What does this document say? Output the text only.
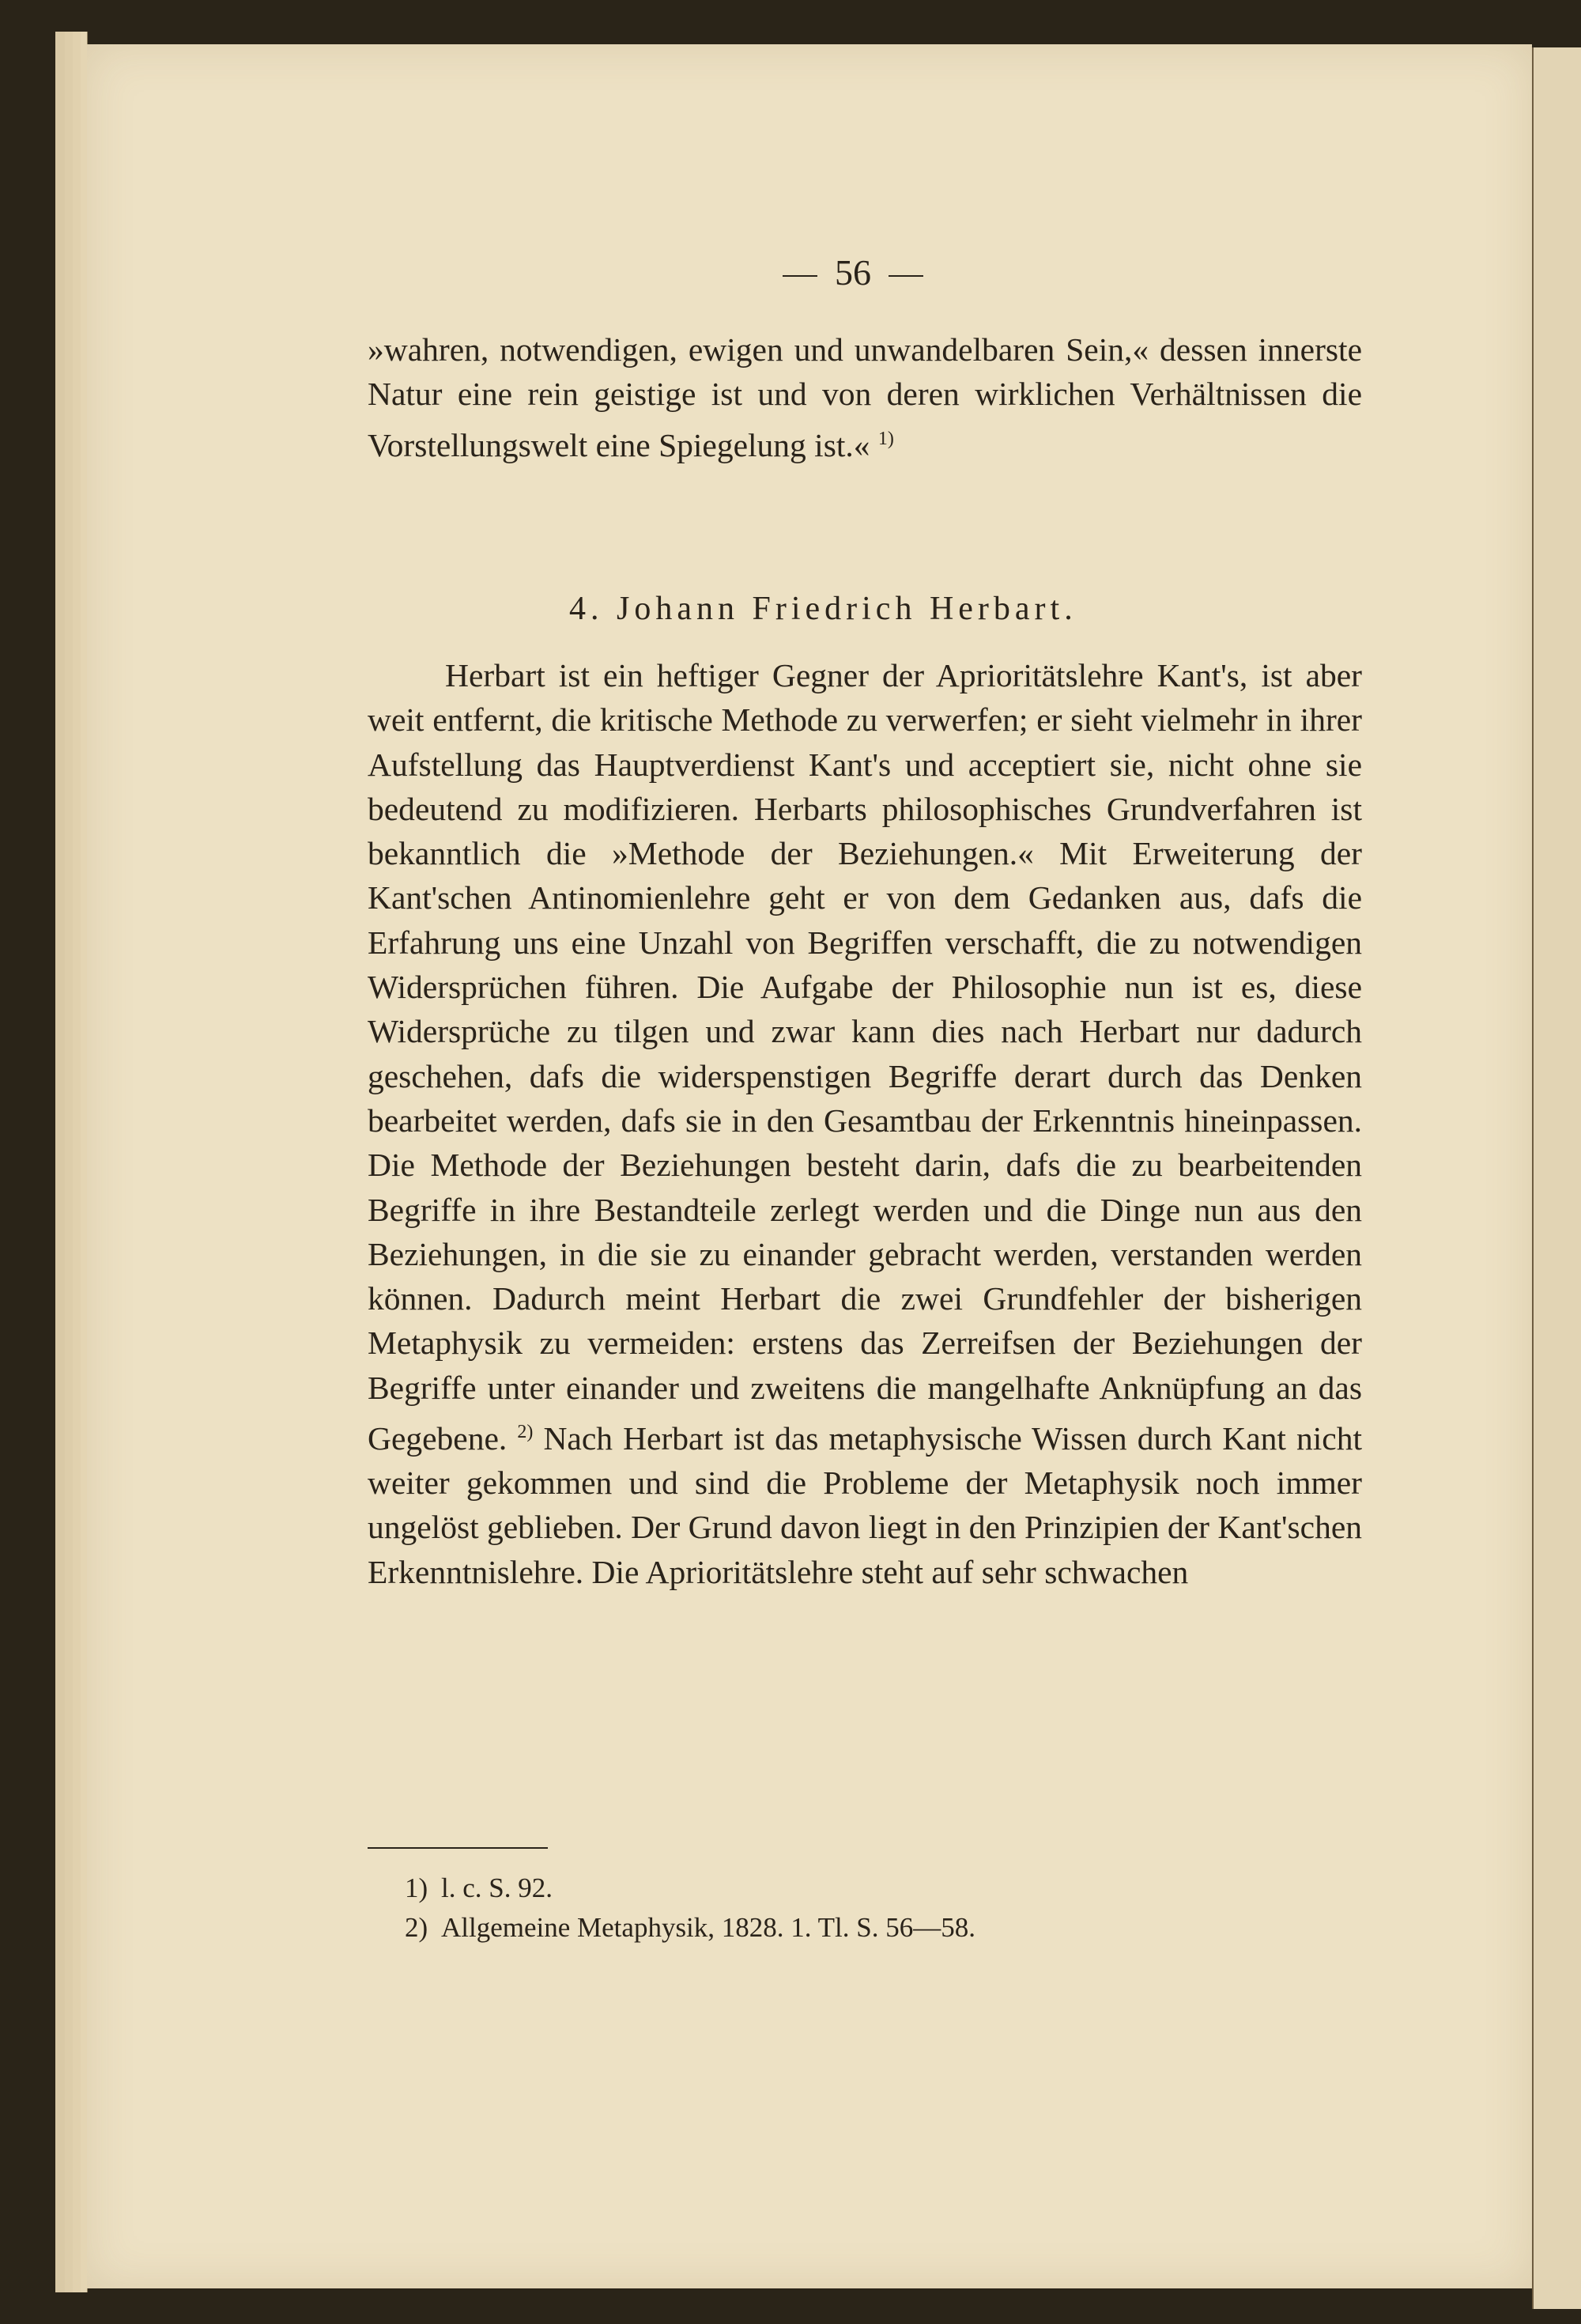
56

»wahren, notwendigen, ewigen und unwandelbaren Sein,« dessen innerste Natur eine rein geistige ist und von deren wirklichen Verhältnissen die Vorstellungswelt eine Spiegelung ist.« $^{1)}$

4. Johann Friedrich Herbart.

Herbart ist ein heftiger Gegner der Aprioritätslehre Kant's, ist aber weit entfernt, die kritische Methode zu verwerfen; er sieht vielmehr in ihrer Aufstellung das Hauptverdienst Kant's und acceptiert sie, nicht ohne sie bedeutend zu modifizieren. Herbarts philosophisches Grundverfahren ist bekanntlich die »Methode der Beziehungen.« Mit Erweiterung der Kant'schen Antinomienlehre geht er von dem Gedanken aus, dafs die Erfahrung uns eine Unzahl von Begriffen verschafft, die zu notwendigen Widersprüchen führen. Die Aufgabe der Philosophie nun ist es, diese Widersprüche zu tilgen und zwar kann dies nach Herbart nur dadurch geschehen, dafs die widerspenstigen Begriffe derart durch das Denken bearbeitet werden, dafs sie in den Gesamtbau der Erkenntnis hineinpassen. Die Methode der Beziehungen besteht darin, dafs die zu bearbeitenden Begriffe in ihre Bestandteile zerlegt werden und die Dinge nun aus den Beziehungen, in die sie zu einander gebracht werden, verstanden werden können. Dadurch meint Herbart die zwei Grundfehler der bisherigen Metaphysik zu vermeiden: erstens das Zerreifsen der Beziehungen der Begriffe unter einander und zweitens die mangelhafte Anknüpfung an das Gegebene. $^{2)}$ Nach Herbart ist das metaphysische Wissen durch Kant nicht weiter gekommen und sind die Probleme der Metaphysik noch immer ungelöst geblieben. Der Grund davon liegt in den Prinzipien der Kant'schen Erkenntnislehre. Die Aprioritätslehre steht auf sehr schwachen

1) l. c. S. 92.
2) Allgemeine Metaphysik, 1828. 1. Tl. S. 56—58.
